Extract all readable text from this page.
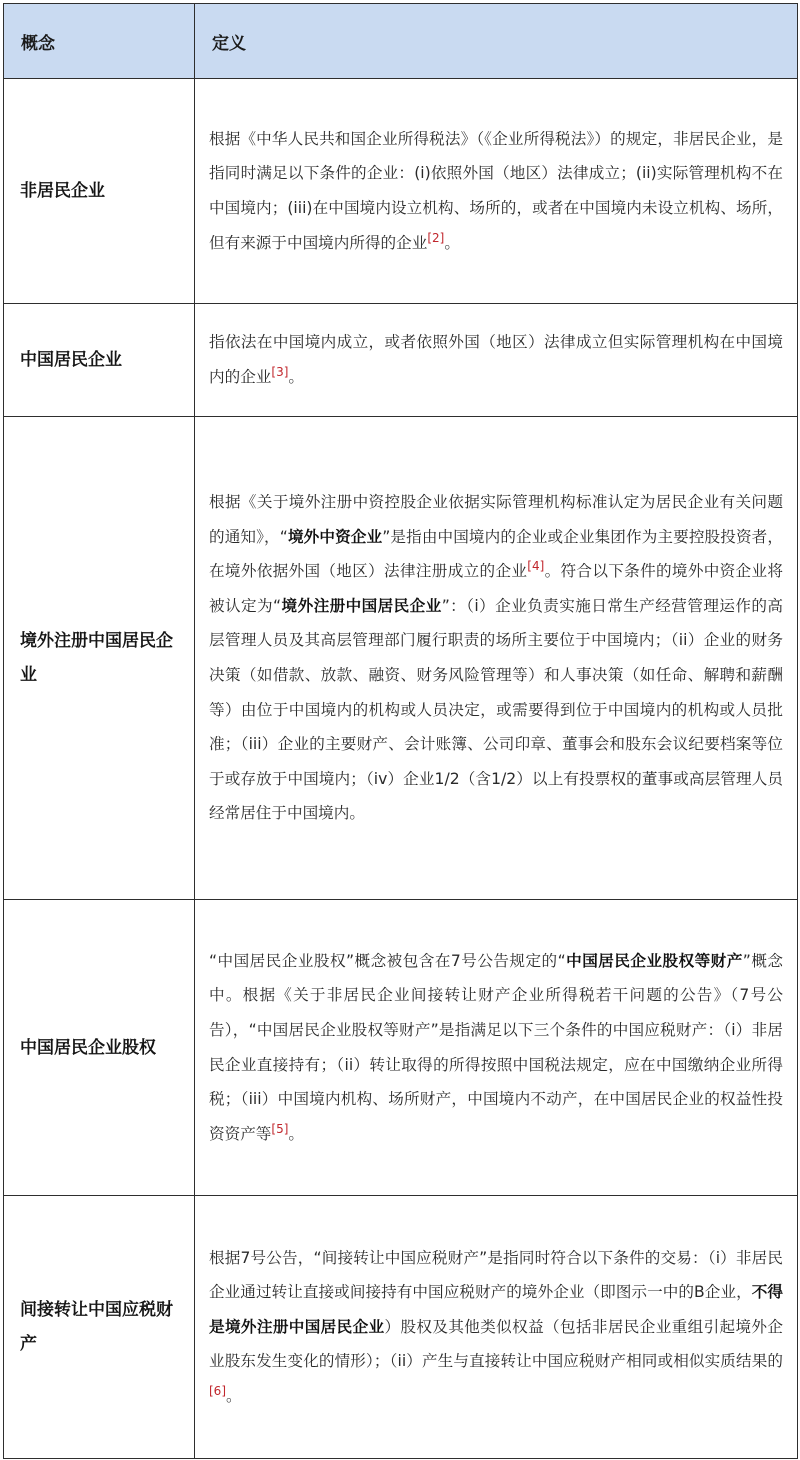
概念	定义
非居民企业	根据《中华人民共和国企业所得税法》（《企业所得税法》）的规定，非居民企业，是指同时满足以下条件的企业：(i)依照外国（地区）法律成立；(ii)实际管理机构不在中国境内；(iii)在中国境内设立机构、场所的，或者在中国境内未设立机构、场所，但有来源于中国境内所得的企业[2]。
中国居民企业	指依法在中国境内成立，或者依照外国（地区）法律成立但实际管理机构在中国境内的企业[3]。
境外注册中国居民企业	根据《关于境外注册中资控股企业依据实际管理机构标准认定为居民企业有关问题的通知》，“境外中资企业”是指由中国境内的企业或企业集团作为主要控股投资者，在境外依据外国（地区）法律注册成立的企业[4]。符合以下条件的境外中资企业将被认定为“境外注册中国居民企业”：（i）企业负责实施日常生产经营管理运作的高层管理人员及其高层管理部门履行职责的场所主要位于中国境内；（ii）企业的财务决策（如借款、放款、融资、财务风险管理等）和人事决策（如任命、解聘和薪酬等）由位于中国境内的机构或人员决定，或需要得到位于中国境内的机构或人员批准；（iii）企业的主要财产、会计账簿、公司印章、董事会和股东会议纪要档案等位于或存放于中国境内；（iv）企业1/2（含1/2）以上有投票权的董事或高层管理人员经常居住于中国境内。
中国居民企业股权	“中国居民企业股权”概念被包含在7号公告规定的“中国居民企业股权等财产”概念中。根据《关于非居民企业间接转让财产企业所得税若干问题的公告》（7号公告），“中国居民企业股权等财产”是指满足以下三个条件的中国应税财产：（i）非居民企业直接持有；（ii）转让取得的所得按照中国税法规定，应在中国缴纳企业所得税；（iii）中国境内机构、场所财产，中国境内不动产，在中国居民企业的权益性投资资产等[5]。
间接转让中国应税财产	根据7号公告，“间接转让中国应税财产”是指同时符合以下条件的交易：（i）非居民企业通过转让直接或间接持有中国应税财产的境外企业（即图示一中的B企业，不得是境外注册中国居民企业）股权及其他类似权益（包括非居民企业重组引起境外企业股东发生变化的情形）；（ii）产生与直接转让中国应税财产相同或相似实质结果的[6]。
